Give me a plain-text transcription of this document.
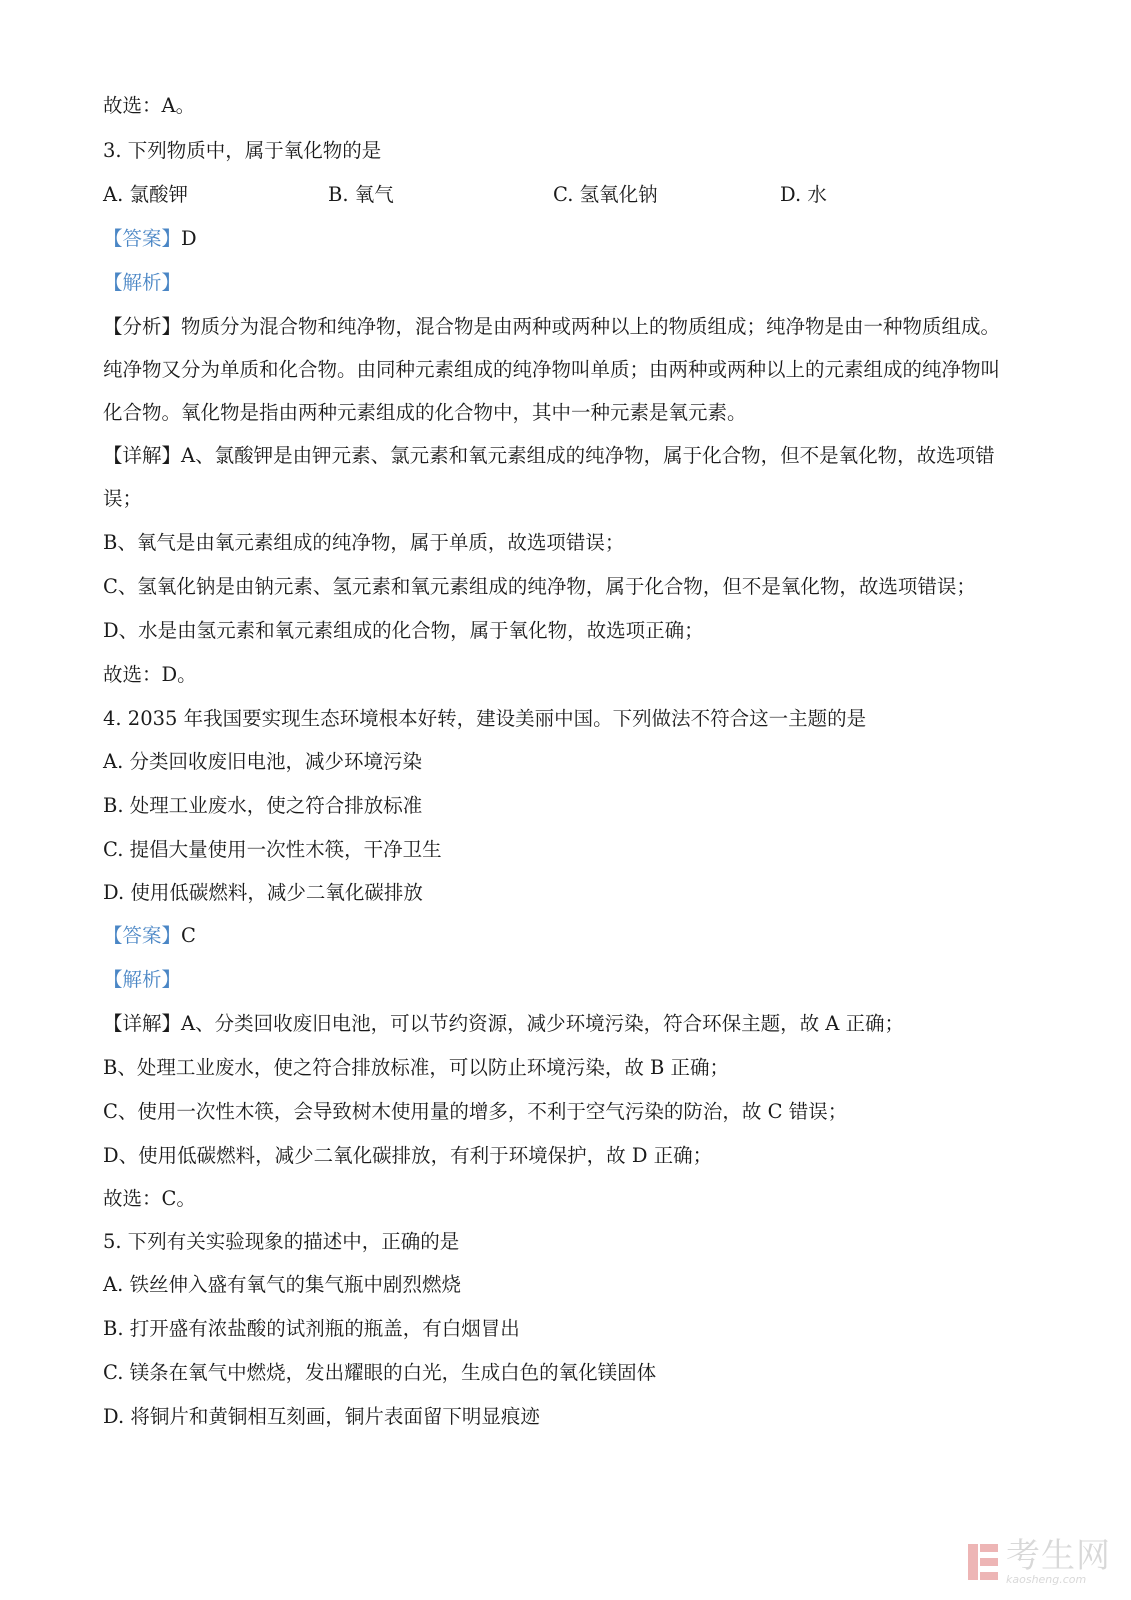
故选：A。
3. 下列物质中，属于氧化物的是
A. 氯酸钾	B. 氧气	C. 氢氧化钠	D. 水
【答案】D
【解析】
【分析】物质分为混合物和纯净物，混合物是由两种或两种以上的物质组成；纯净物是由一种物质组成。
纯净物又分为单质和化合物。由同种元素组成的纯净物叫单质；由两种或两种以上的元素组成的纯净物叫
化合物。氧化物是指由两种元素组成的化合物中，其中一种元素是氧元素。
【详解】A、氯酸钾是由钾元素、氯元素和氧元素组成的纯净物，属于化合物，但不是氧化物，故选项错
误；
B、氧气是由氧元素组成的纯净物，属于单质，故选项错误；
C、氢氧化钠是由钠元素、氢元素和氧元素组成的纯净物，属于化合物，但不是氧化物，故选项错误；
D、水是由氢元素和氧元素组成的化合物，属于氧化物，故选项正确；
故选：D。
4. 2035 年我国要实现生态环境根本好转，建设美丽中国。下列做法不符合这一主题的是
A. 分类回收废旧电池，减少环境污染
B. 处理工业废水，使之符合排放标准
C. 提倡大量使用一次性木筷，干净卫生
D. 使用低碳燃料，减少二氧化碳排放
【答案】C
【解析】
【详解】A、分类回收废旧电池，可以节约资源，减少环境污染，符合环保主题，故 A 正确；
B、处理工业废水，使之符合排放标准，可以防止环境污染，故 B 正确；
C、使用一次性木筷，会导致树木使用量的增多，不利于空气污染的防治，故 C 错误；
D、使用低碳燃料，减少二氧化碳排放，有利于环境保护，故 D 正确；
故选：C。
5. 下列有关实验现象的描述中，正确的是
A. 铁丝伸入盛有氧气的集气瓶中剧烈燃烧
B. 打开盛有浓盐酸的试剂瓶的瓶盖，有白烟冒出
C. 镁条在氧气中燃烧，发出耀眼的白光，生成白色的氧化镁固体
D. 将铜片和黄铜相互刻画，铜片表面留下明显痕迹
考生网
kaosheng.com
